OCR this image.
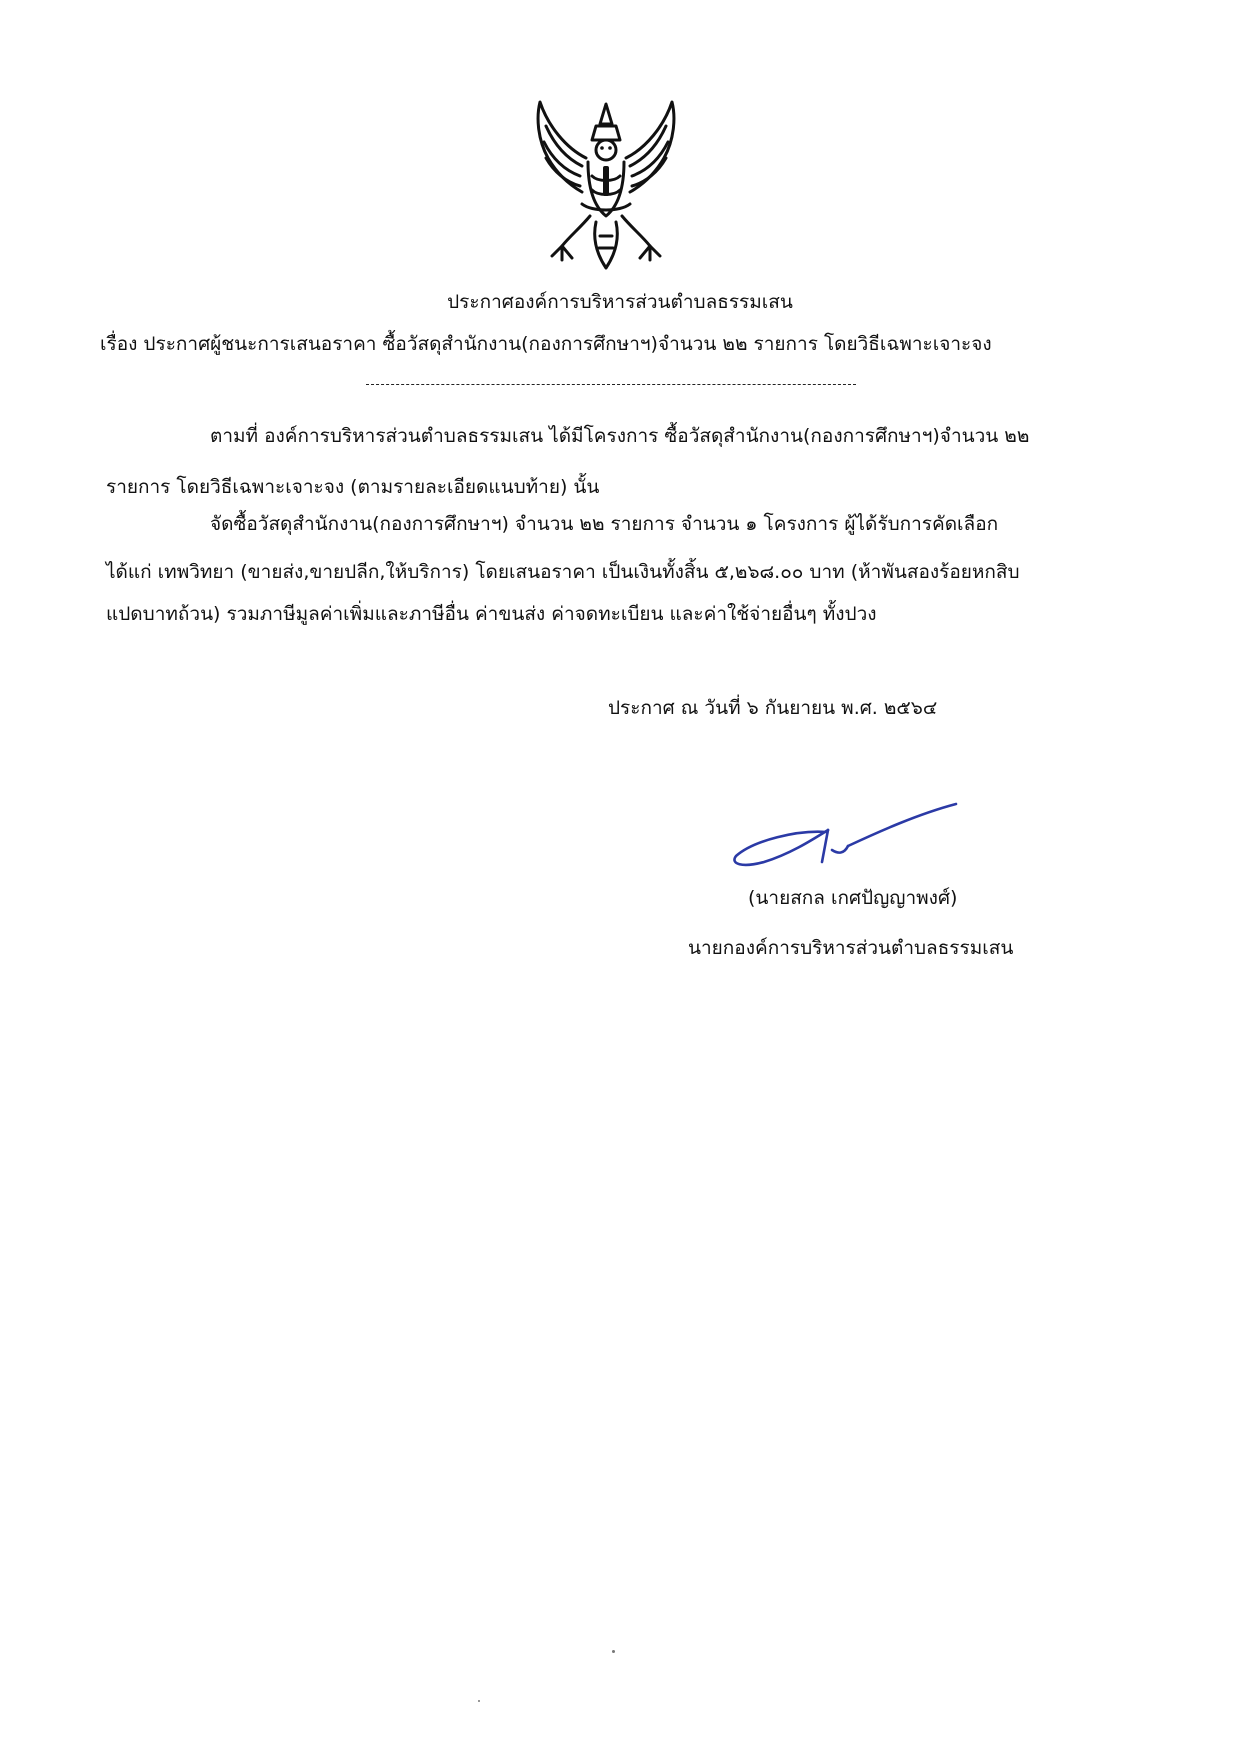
ประกาศองค์การบริหารส่วนตำบลธรรมเสน
เรื่อง ประกาศผู้ชนะการเสนอราคา ซื้อวัสดุสำนักงาน(กองการศึกษาฯ)จำนวน ๒๒ รายการ โดยวิธีเฉพาะเจาะจง
ตามที่ องค์การบริหารส่วนตำบลธรรมเสน ได้มีโครงการ ซื้อวัสดุสำนักงาน(กองการศึกษาฯ)จำนวน ๒๒
รายการ โดยวิธีเฉพาะเจาะจง (ตามรายละเอียดแนบท้าย) นั้น
จัดซื้อวัสดุสำนักงาน(กองการศึกษาฯ) จำนวน ๒๒ รายการ จำนวน ๑ โครงการ ผู้ได้รับการคัดเลือก
ได้แก่ เทพวิทยา (ขายส่ง,ขายปลีก,ให้บริการ) โดยเสนอราคา เป็นเงินทั้งสิ้น ๕,๒๖๘.๐๐ บาท (ห้าพันสองร้อยหกสิบ
แปดบาทถ้วน) รวมภาษีมูลค่าเพิ่มและภาษีอื่น ค่าขนส่ง ค่าจดทะเบียน และค่าใช้จ่ายอื่นๆ ทั้งปวง
ประกาศ ณ วันที่ ๖ กันยายน พ.ศ. ๒๕๖๔
(นายสกล เกศปัญญาพงศ์)
นายกองค์การบริหารส่วนตำบลธรรมเสน
